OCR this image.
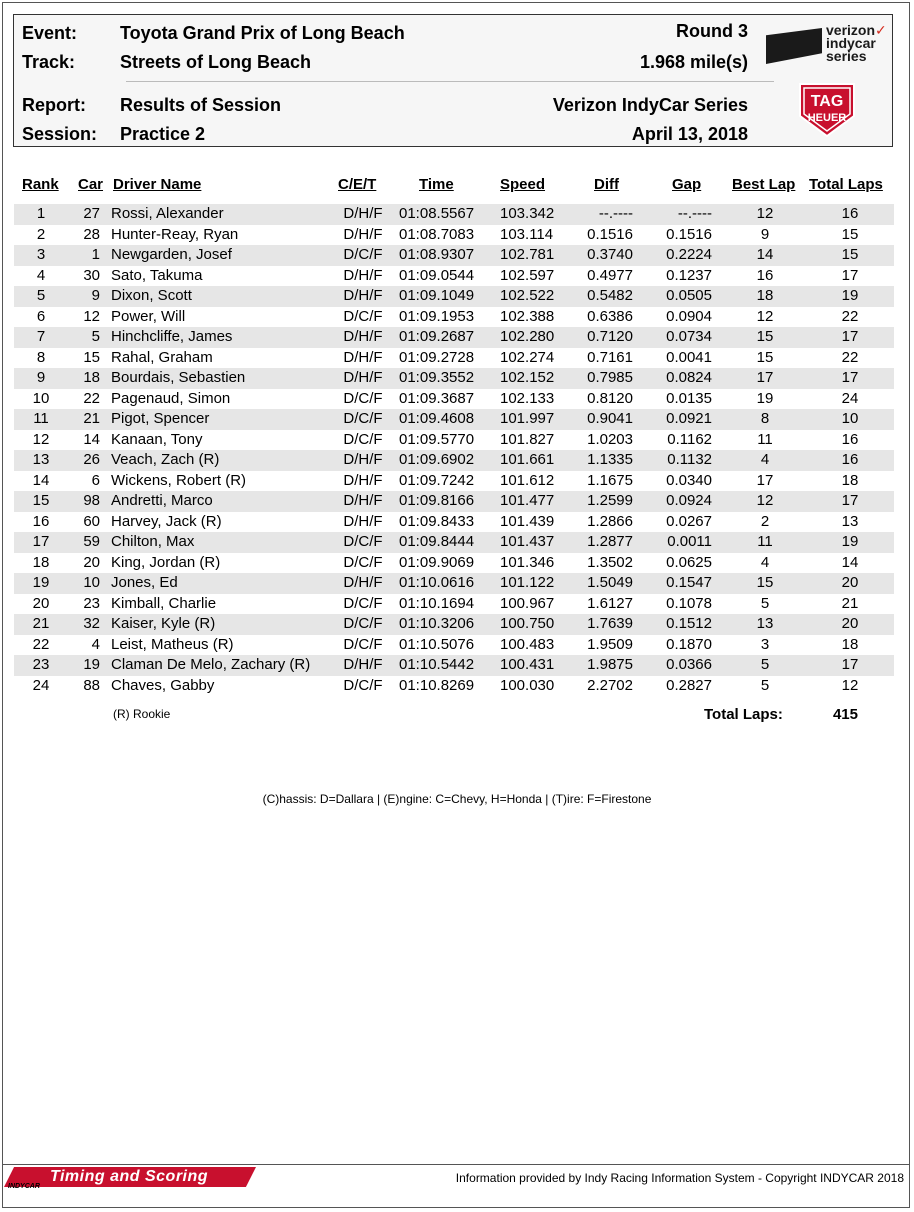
Event: Toyota Grand Prix of Long Beach
Track: Streets of Long Beach
Report: Results of Session
Session: Practice 2
Round 3
1.968 mile(s)
Verizon IndyCar Series
April 13, 2018
verizon✓
indycar
series
TAG
HEUER
Rank Car Driver Name	C/E/T	Time	Speed	Diff	Gap Best Lap Total Laps
1	27 Rossi, Alexander	D/H/F	01:08.5567 103.342	--.----	--.----	12	16
2	28 Hunter-Reay, Ryan	D/H/F	01:08.7083 103.114	0.1516	0.1516	9	15
3	1 Newgarden, Josef	D/C/F	01:08.9307 102.781	0.3740	0.2224	14	15
4	30 Sato, Takuma	D/H/F	01:09.0544 102.597	0.4977	0.1237	16	17
5	9 Dixon, Scott	D/H/F	01:09.1049 102.522	0.5482	0.0505	18	19
6	12 Power, Will	D/C/F	01:09.1953 102.388	0.6386	0.0904	12	22
7	5 Hinchcliffe, James	D/H/F	01:09.2687 102.280	0.7120	0.0734	15	17
8	15 Rahal, Graham	D/H/F	01:09.2728 102.274	0.7161	0.0041	15	22
9	18 Bourdais, Sebastien	D/H/F	01:09.3552 102.152	0.7985	0.0824	17	17
10	22 Pagenaud, Simon	D/C/F	01:09.3687 102.133	0.8120	0.0135	19	24
11	21 Pigot, Spencer	D/C/F	01:09.4608 101.997	0.9041	0.0921	8	10
12	14 Kanaan, Tony	D/C/F	01:09.5770 101.827	1.0203	0.1162	11	16
13	26 Veach, Zach (R)	D/H/F	01:09.6902 101.661	1.1335	0.1132	4	16
14	6 Wickens, Robert (R)	D/H/F	01:09.7242 101.612	1.1675	0.0340	17	18
15	98 Andretti, Marco	D/H/F	01:09.8166 101.477	1.2599	0.0924	12	17
16	60 Harvey, Jack (R)	D/H/F	01:09.8433 101.439	1.2866	0.0267	2	13
17	59 Chilton, Max	D/C/F	01:09.8444 101.437	1.2877	0.0011	11	19
18	20 King, Jordan (R)	D/C/F	01:09.9069 101.346	1.3502	0.0625	4	14
19	10 Jones, Ed	D/H/F	01:10.0616 101.122	1.5049	0.1547	15	20
20	23 Kimball, Charlie	D/C/F	01:10.1694 100.967	1.6127	0.1078	5	21
21	32 Kaiser, Kyle (R)	D/C/F	01:10.3206 100.750	1.7639	0.1512	13	20
22	4 Leist, Matheus (R)	D/C/F	01:10.5076 100.483	1.9509	0.1870	3	18
23	19 Claman De Melo, Zachary (R)	D/H/F	01:10.5442 100.431	1.9875	0.0366	5	17
24	88 Chaves, Gabby	D/C/F	01:10.8269 100.030	2.2702	0.2827	5	12
(R) Rookie	Total Laps:	415
(C)hassis: D=Dallara | (E)ngine: C=Chevy, H=Honda | (T)ire: F=Firestone
Timing and Scoring
INDYCAR
Information provided by Indy Racing Information System - Copyright INDYCAR 2018
